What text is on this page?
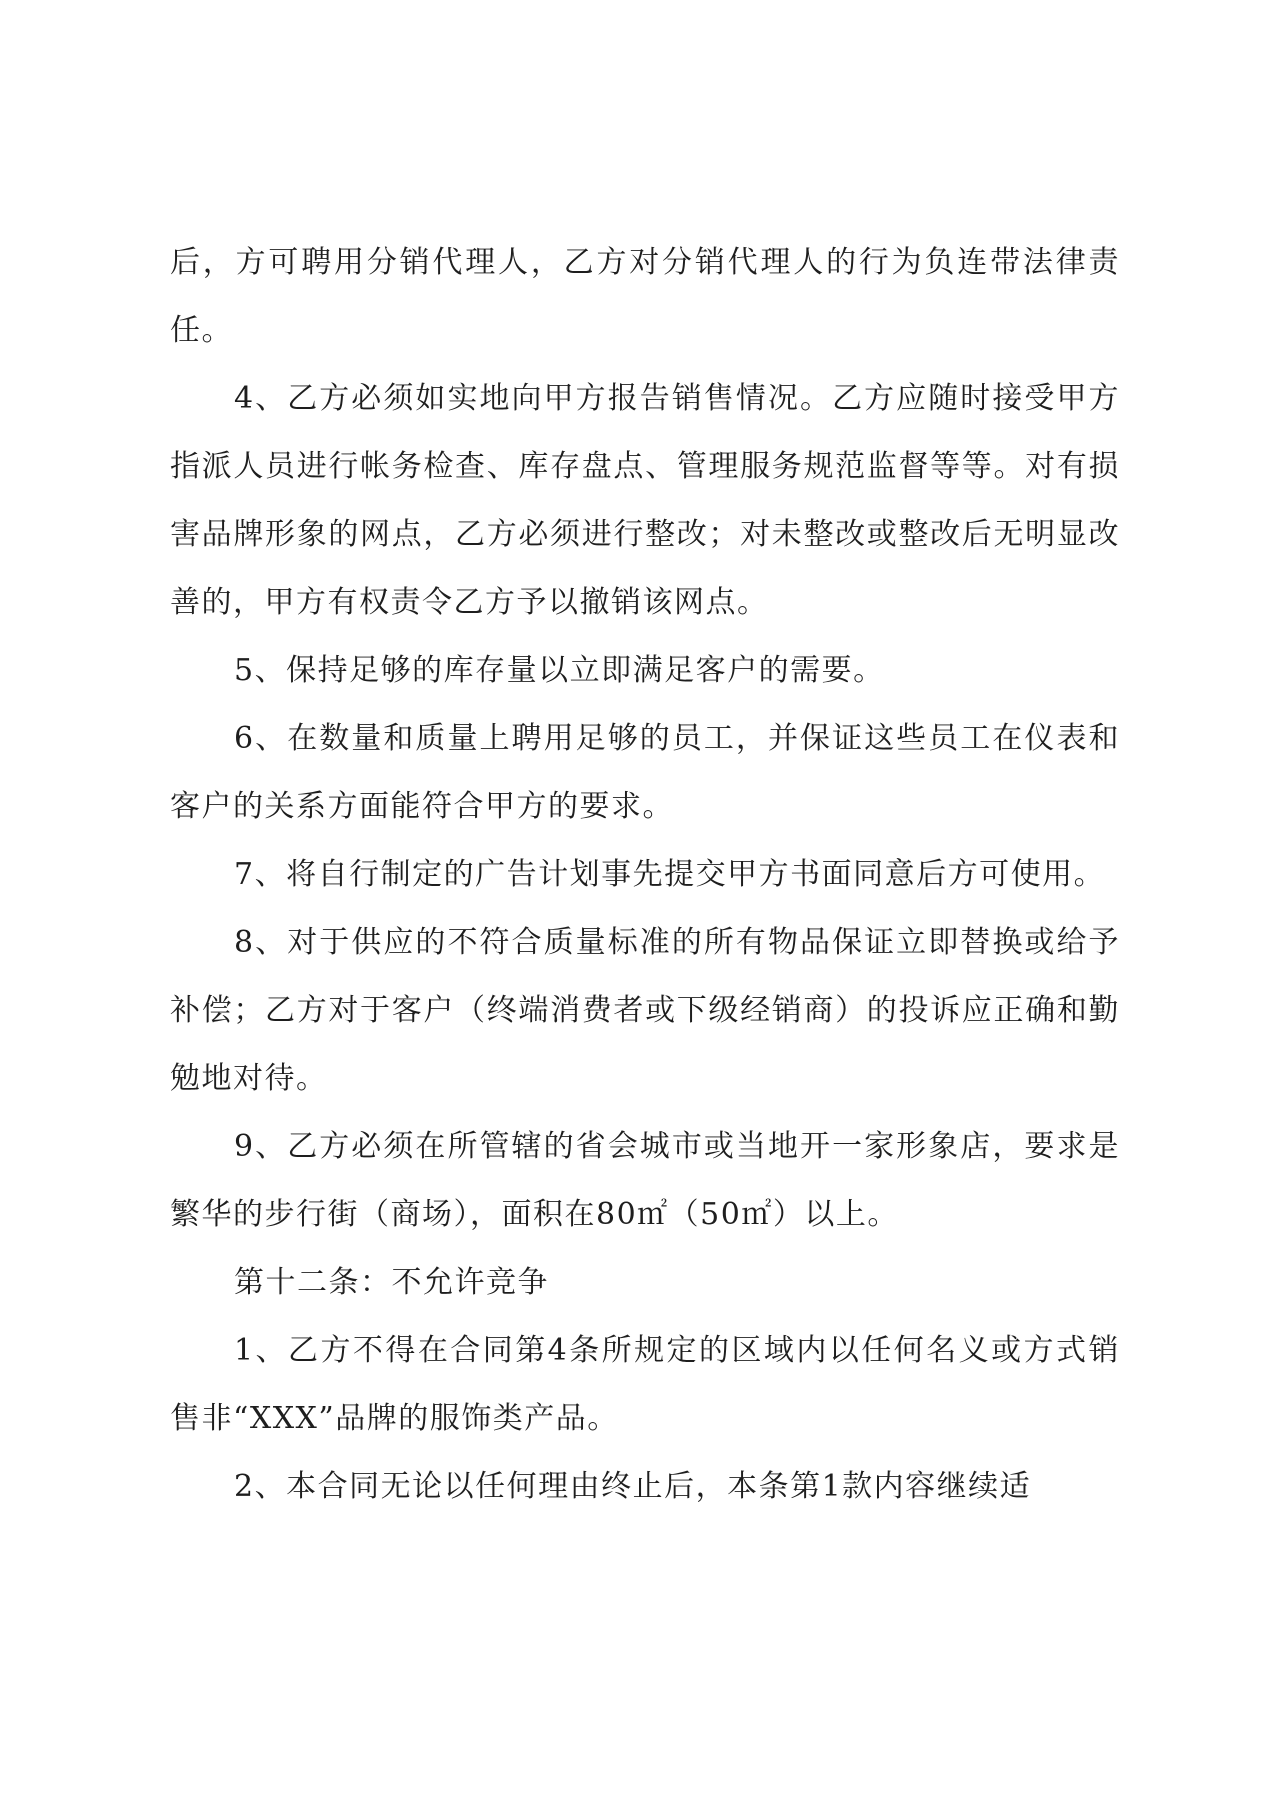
后，方可聘用分销代理人，乙方对分销代理人的行为负连带法律责任。

4、乙方必须如实地向甲方报告销售情况。乙方应随时接受甲方指派人员进行帐务检查、库存盘点、管理服务规范监督等等。对有损害品牌形象的网点，乙方必须进行整改；对未整改或整改后无明显改善的，甲方有权责令乙方予以撤销该网点。

5、保持足够的库存量以立即满足客户的需要。

6、在数量和质量上聘用足够的员工，并保证这些员工在仪表和客户的关系方面能符合甲方的要求。

7、将自行制定的广告计划事先提交甲方书面同意后方可使用。

8、对于供应的不符合质量标准的所有物品保证立即替换或给予补偿；乙方对于客户（终端消费者或下级经销商）的投诉应正确和勤勉地对待。

9、乙方必须在所管辖的省会城市或当地开一家形象店，要求是繁华的步行街（商场），面积在80㎡（50㎡）以上。

第十二条：不允许竞争

1、乙方不得在合同第4条所规定的区域内以任何名义或方式销售非“XXX”品牌的服饰类产品。

2、本合同无论以任何理由终止后，本条第1款内容继续适
